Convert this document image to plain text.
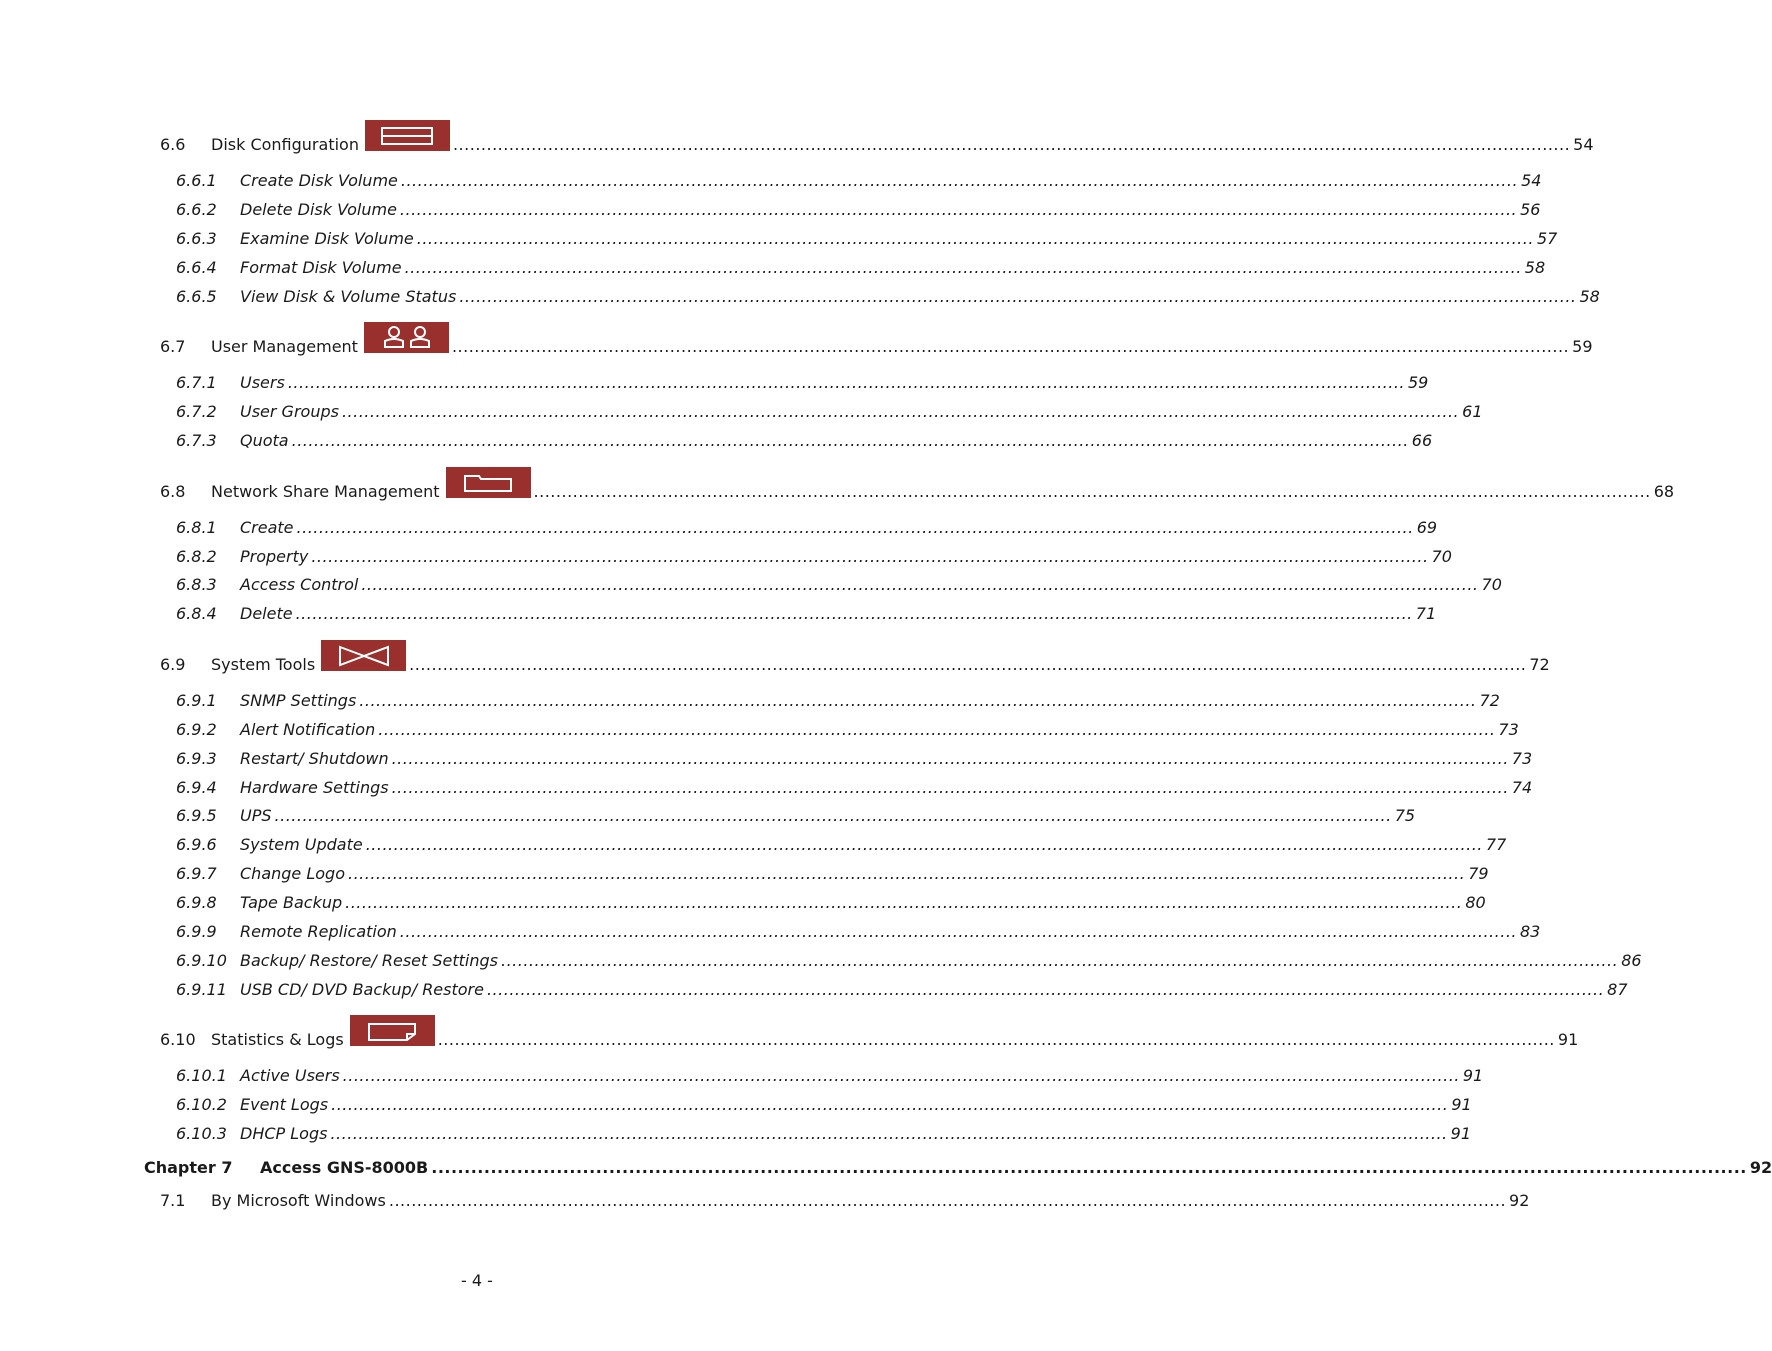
6.6	Disk Configuration	........................................................................................................................................................................................................ 54
6.6.1	Create Disk Volume ........................................................................................................................................................................................................ 54
6.6.2	Delete Disk Volume ........................................................................................................................................................................................................ 56
6.6.3	Examine Disk Volume ........................................................................................................................................................................................................ 57
6.6.4	Format Disk Volume ........................................................................................................................................................................................................ 58
6.6.5	View Disk & Volume Status ........................................................................................................................................................................................................ 58
6.7	User Management	........................................................................................................................................................................................................ 59
6.7.1	Users ........................................................................................................................................................................................................ 59
6.7.2	User Groups ........................................................................................................................................................................................................ 61
6.7.3	Quota ........................................................................................................................................................................................................ 66
6.8	Network Share Management	........................................................................................................................................................................................................ 68
6.8.1	Create ........................................................................................................................................................................................................ 69
6.8.2	Property ........................................................................................................................................................................................................ 70
6.8.3	Access Control ........................................................................................................................................................................................................ 70
6.8.4	Delete ........................................................................................................................................................................................................ 71
6.9	System Tools	........................................................................................................................................................................................................ 72
6.9.1	SNMP Settings ........................................................................................................................................................................................................ 72
6.9.2	Alert Notification ........................................................................................................................................................................................................ 73
6.9.3	Restart/ Shutdown ........................................................................................................................................................................................................ 73
6.9.4	Hardware Settings ........................................................................................................................................................................................................ 74
6.9.5	UPS ........................................................................................................................................................................................................ 75
6.9.6	System Update ........................................................................................................................................................................................................ 77
6.9.7	Change Logo ........................................................................................................................................................................................................ 79
6.9.8	Tape Backup ........................................................................................................................................................................................................ 80
6.9.9	Remote Replication ........................................................................................................................................................................................................ 83
6.9.10 Backup/ Restore/ Reset Settings ........................................................................................................................................................................................................ 86
6.9.11 USB CD/ DVD Backup/ Restore ........................................................................................................................................................................................................ 87
6.10 Statistics & Logs	........................................................................................................................................................................................................ 91
6.10.1 Active Users ........................................................................................................................................................................................................ 91
6.10.2 Event Logs ........................................................................................................................................................................................................ 91
6.10.3 DHCP Logs ........................................................................................................................................................................................................ 91
Chapter 7	Access GNS-8000B ........................................................................................................................................................................................................ 92
7.1	By Microsoft Windows ........................................................................................................................................................................................................ 92
- 4 -
